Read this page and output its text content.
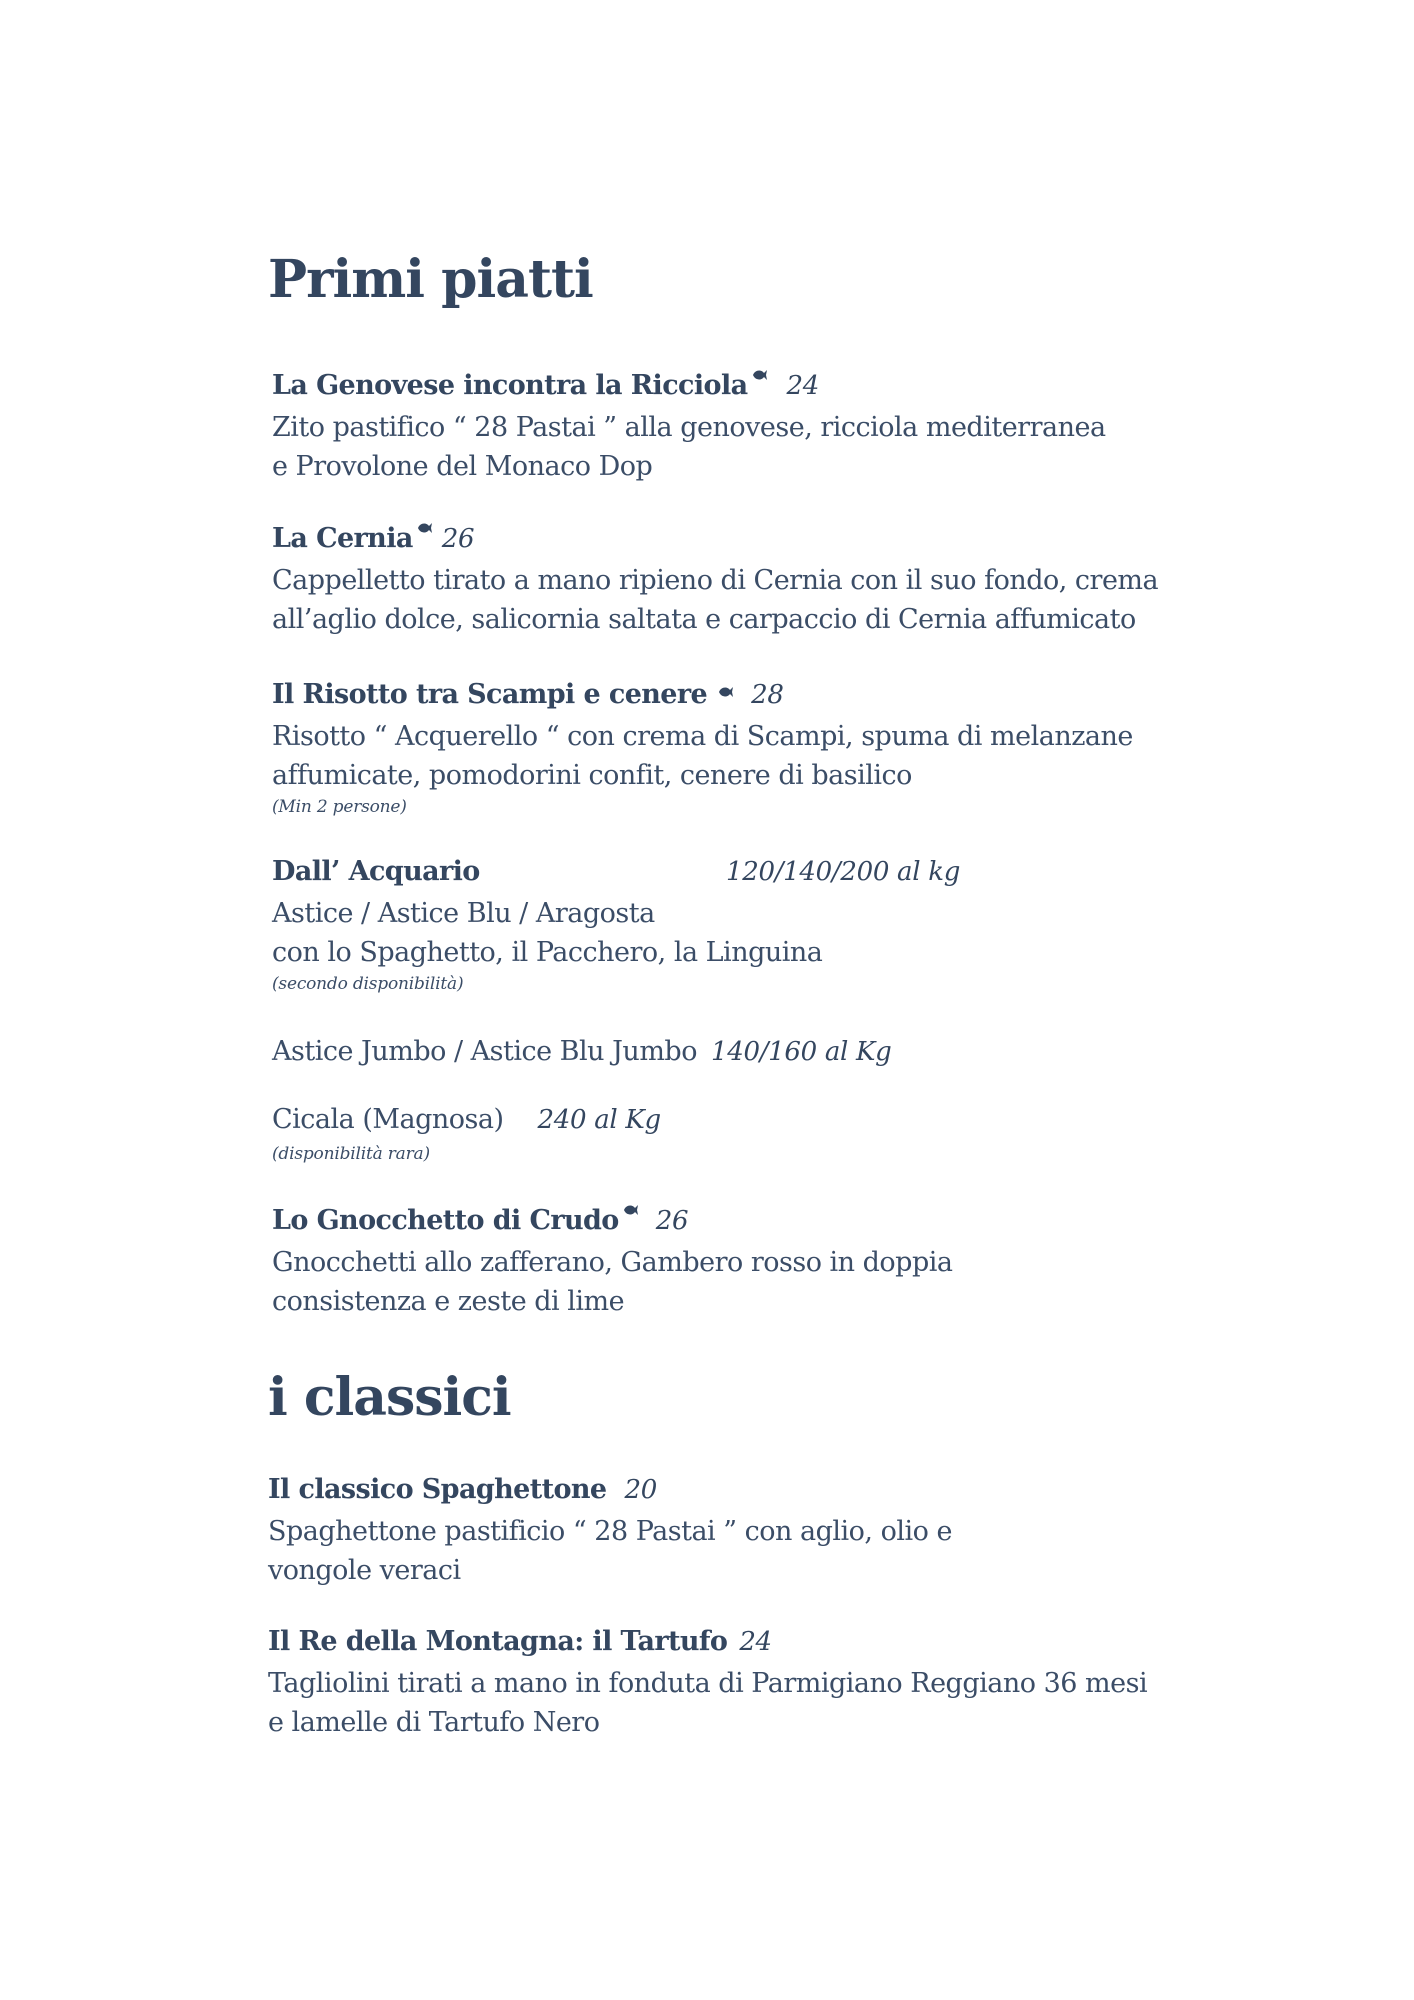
Primi piatti
La Genovese incontra la Ricciola 24
Zito pastifico “ 28 Pastai ” alla genovese, ricciola mediterranea
e Provolone del Monaco Dop
La Cernia 26
Cappelletto tirato a mano ripieno di Cernia con il suo fondo, crema
all’aglio dolce, salicornia saltata e carpaccio di Cernia affumicato
Il Risotto tra Scampi e cenere 28
Risotto “ Acquerello “ con crema di Scampi, spuma di melanzane
affumicate, pomodorini confit, cenere di basilico
(Min 2 persone)
Dall’ Acquario	120/140/200 al kg
Astice / Astice Blu / Aragosta
con lo Spaghetto, il Pacchero, la Linguina
(secondo disponibilità)
Astice Jumbo / Astice Blu Jumbo 140/160 al Kg
Cicala (Magnosa) 240 al Kg
(disponibilità rara)
Lo Gnocchetto di Crudo 26
Gnocchetti allo zafferano, Gambero rosso in doppia
consistenza e zeste di lime
i classici
Il classico Spaghettone 20
Spaghettone pastificio “ 28 Pastai ” con aglio, olio e
vongole veraci
Il Re della Montagna: il Tartufo 24
Tagliolini tirati a mano in fonduta di Parmigiano Reggiano 36 mesi
e lamelle di Tartufo Nero
